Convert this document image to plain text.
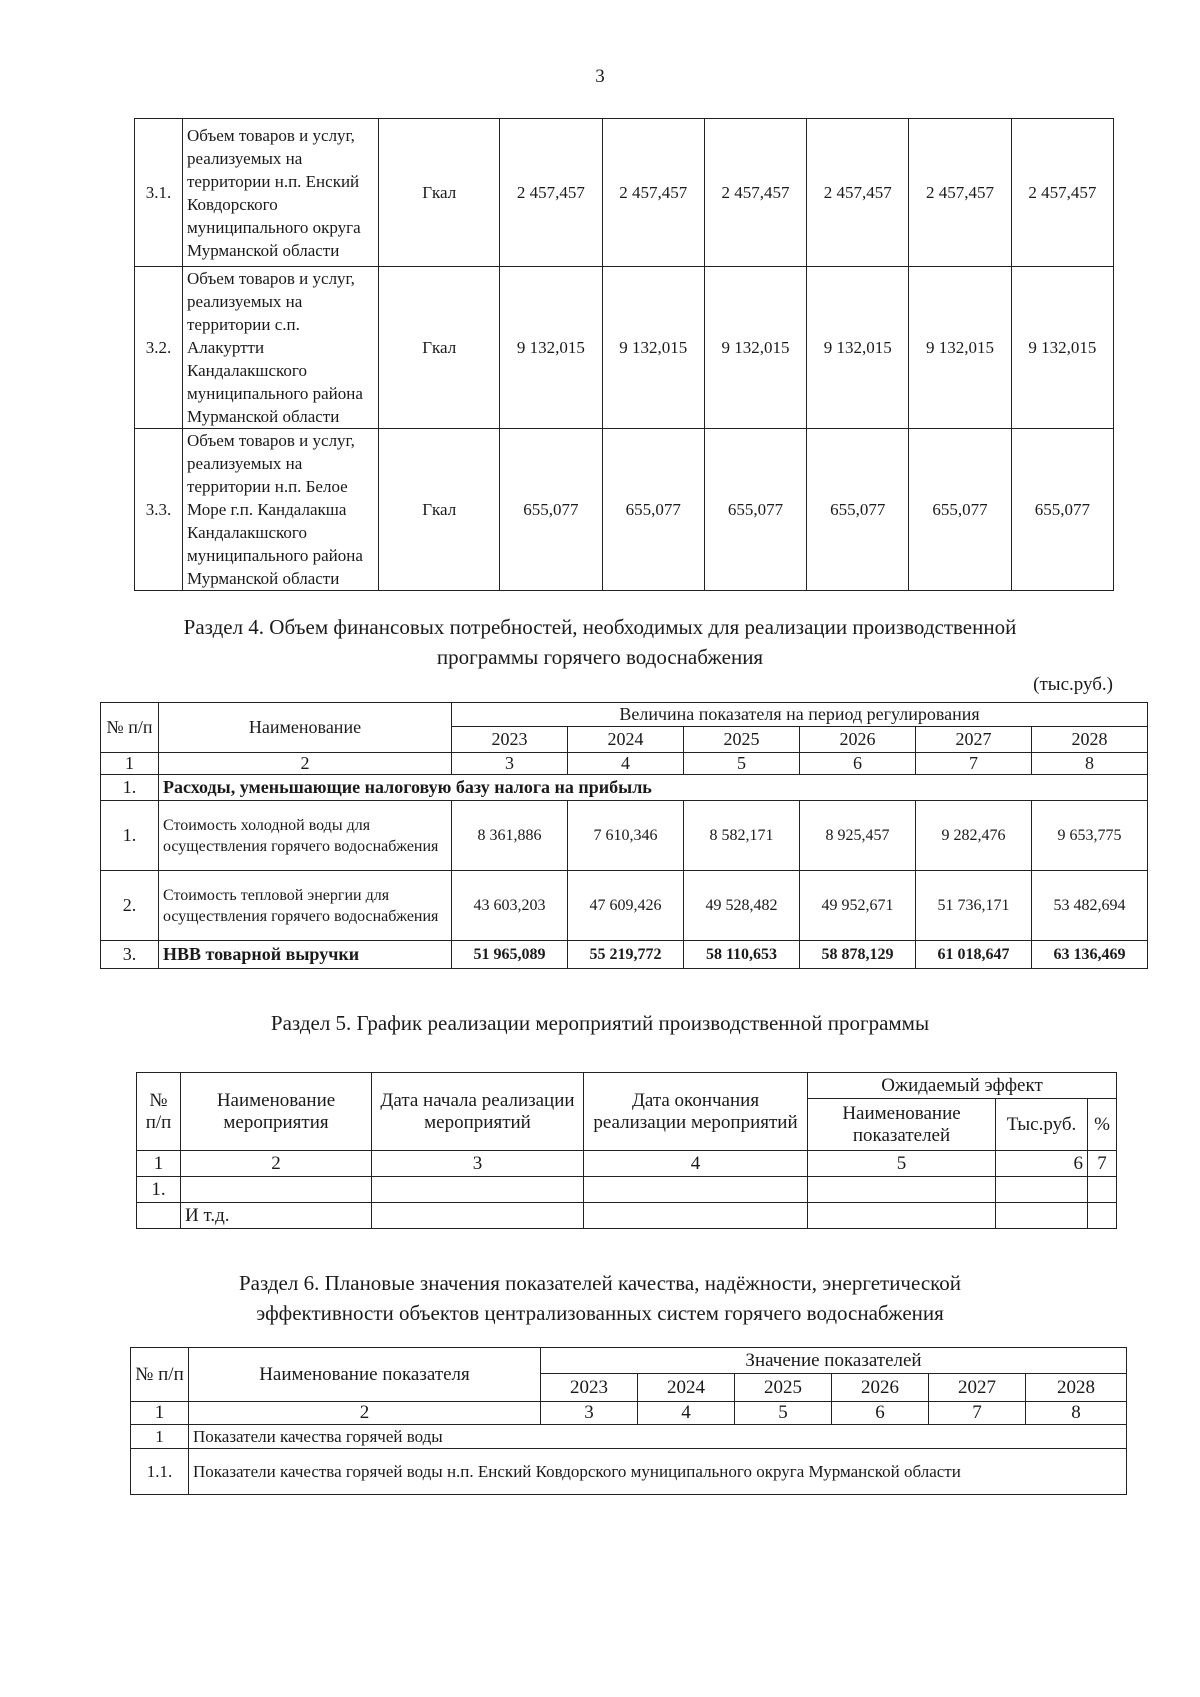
3
3.1.	Объем товаров и услуг, реализуемых на территории н.п. Енский Ковдорского муниципального округа Мурманской области	Гкал	2 457,457	2 457,457	2 457,457	2 457,457	2 457,457	2 457,457
3.2.	Объем товаров и услуг, реализуемых на территории с.п. Алакуртти Кандалакшского муниципального района Мурманской области	Гкал	9 132,015	9 132,015	9 132,015	9 132,015	9 132,015	9 132,015
3.3.	Объем товаров и услуг, реализуемых на территории н.п. Белое Море г.п. Кандалакша Кандалакшского муниципального района Мурманской области	Гкал	655,077	655,077	655,077	655,077	655,077	655,077
Раздел 4. Объем финансовых потребностей, необходимых для реализации производственной
программы горячего водоснабжения
(тыс.руб.)
№ п/п	Наименование	Величина показателя на период регулирования					
		2023	2024	2025	2026	2027	2028
1	2	3	4	5	6	7	8
1.	Расходы, уменьшающие налоговую базу налога на прибыль						
1.	Стоимость холодной воды для осуществления горячего водоснабжения	8 361,886	7 610,346	8 582,171	8 925,457	9 282,476	9 653,775
2.	Стоимость тепловой энергии для осуществления горячего водоснабжения	43 603,203	47 609,426	49 528,482	49 952,671	51 736,171	53 482,694
3.	НВВ товарной выручки	51 965,089	55 219,772	58 110,653	58 878,129	61 018,647	63 136,469
Раздел 5. График реализации мероприятий производственной программы
№ п/п	Наименование мероприятия	Дата начала реализации мероприятий	Дата окончания реализации мероприятий	Ожидаемый эффект		
				Наименование показателей	Тыс.руб.	%
1	2	3	4	5	6	7
1.						
	И т.д.					
Раздел 6. Плановые значения показателей качества, надёжности, энергетической
эффективности объектов централизованных систем горячего водоснабжения
№ п/п	Наименование показателя	Значение показателей					
		2023	2024	2025	2026	2027	2028
1	2	3	4	5	6	7	8
1	Показатели качества горячей воды						
1.1.	Показатели качества горячей воды н.п. Енский Ковдорского муниципального округа Мурманской области						
